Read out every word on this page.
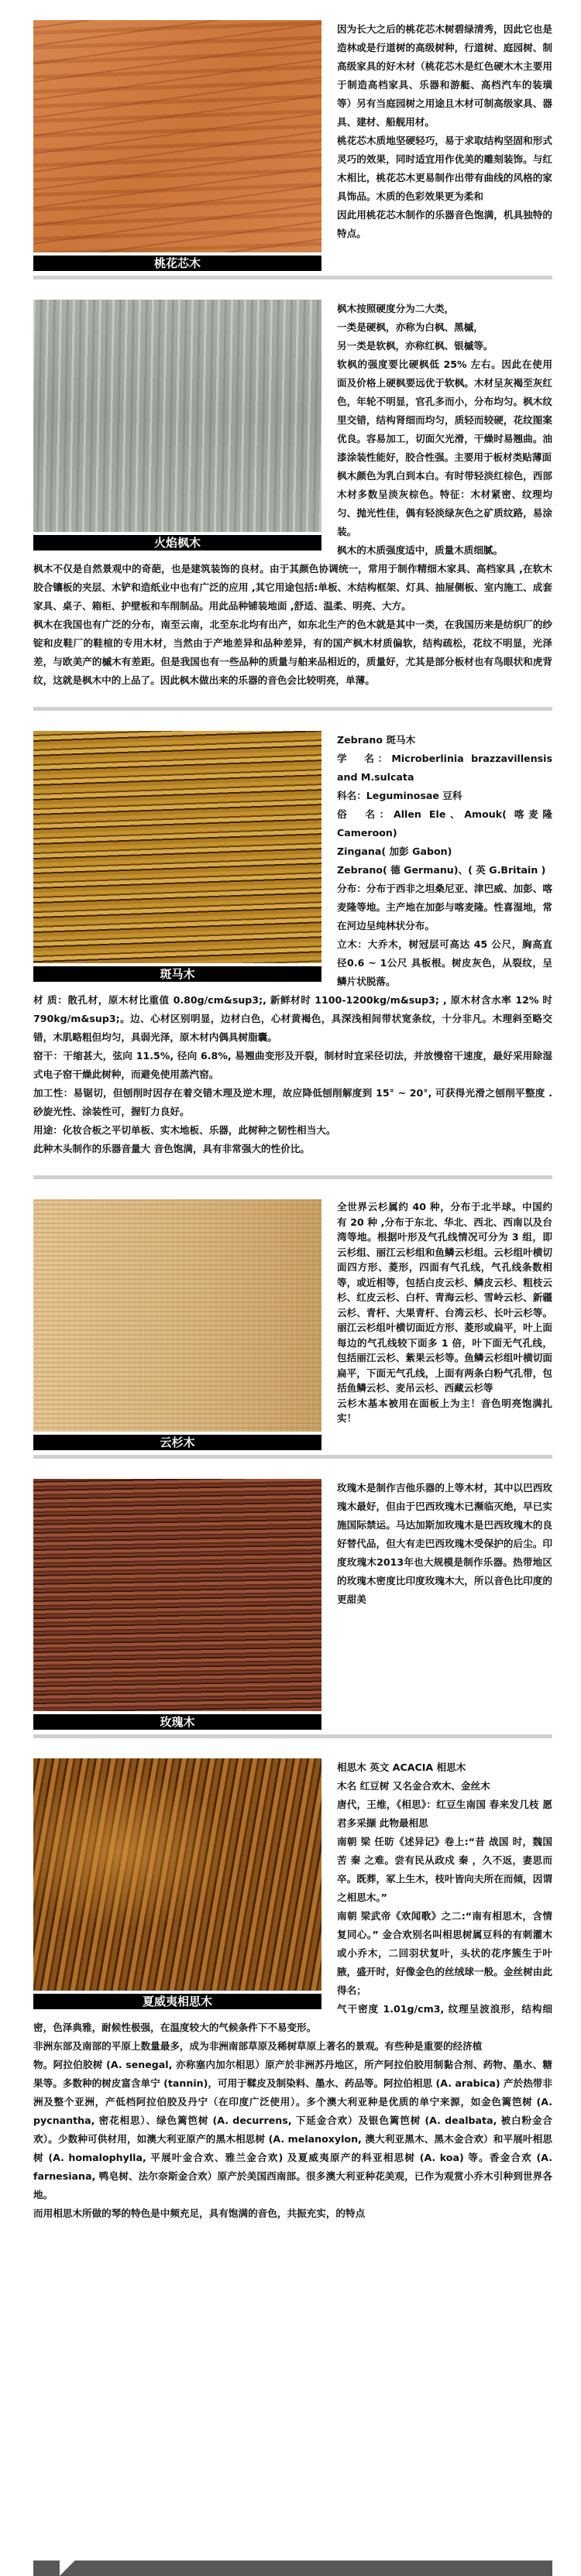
桃花芯木

因为长大之后的桃花芯木树碧绿清秀，因此它也是造林或是行道树的高级树种，行道树、庭园树、制高级家具的好木材（桃花芯木是红色硬木木主要用于制造高档家具、乐器和游艇、高档汽车的装璜等）另有当庭园树之用途且木材可制高级家具、器具、建材、船舰用材。

桃花芯木质地坚硬轻巧，易于求取结构坚固和形式灵巧的效果，同时适宜用作优美的雕刻装饰。与红木相比，桃花芯木更易制作出带有曲线的风格的家具饰品。木质的色彩效果更为柔和

因此用桃花芯木制作的乐器音色饱满，机具独特的特点。

火焰枫木

枫木按照硬度分为二大类，

一类是硬枫，亦称为白枫、黑槭，

另一类是软枫，亦称红枫、银槭等。

软枫的强度要比硬枫低 25% 左右。因此在使用面及价格上硬枫要远优于软枫。木材呈灰褐至灰红色，年轮不明显，官孔多而小，分布均匀。枫木纹里交错，结构肾细而均匀，质轻而较硬，花纹图案优良。容易加工，切面欠光滑，干燥时易翘曲。油漆涂装性能好，胶合性强。主要用于板材类贴薄面

枫木颜色为乳白到本白。有时带轻淡红棕色，西部木材多数呈淡灰棕色。特征：木材紧密、纹理均匀、抛光性佳，偶有轻淡绿灰色之矿质纹路，易涂装。

枫木的木质强度适中，质量木质细腻。

枫木不仅是自然景观中的奇葩，也是建筑装饰的良材。由于其颜色协调统一，常用于制作精细木家具、高档家具 ,在软木胶合镶板的夹层、木铲和造纸业中也有广泛的应用 ,其它用途包括:单板、木结构框架、灯具、抽屉侧板、室内施工、成套家具、桌子、箱柜、护壁板和车削制品。用此品种铺装地面 ,舒适、温柔、明亮、大方。

枫木在我国也有广泛的分布，南至云南，北至东北均有出产，如东北生产的色木就是其中一类，在我国历来是纺织厂的纱锭和皮鞋厂的鞋楦的专用木材，当然由于产地差异和品种差异，有的国产枫木材质偏软，结构疏松，花纹不明显，光泽差，与欧美产的槭木有差距。但是我国也有一些品种的质量与舶来品相近的，质量好，尤其是部分板材也有鸟眼状和虎背纹，这就是枫木中的上品了。因此枫木做出来的乐器的音色会比较明亮，单薄。

斑马木

Zebrano 斑马木

学　名：Microberlinia brazzavillensis and M.sulcata

科名：Leguminosae 豆科

俗　名：Allen Ele、Amouk( 喀麦隆 Cameroon)

Zingana( 加彭 Gabon)

Zebrano( 德 Germanu)、( 英 G.Britain )

分布：分布于西非之坦桑尼亚、津巴威、加彭、喀麦隆等地。主产地在加彭与喀麦隆。性喜湿地，常在河边呈纯林状分布。

立木：大乔木，树冠层可高达 45 公尺，胸高直径0.6 ~ 1公尺 具板根。树皮灰色，从裂纹，呈鳞片状脱落。

材 质：散孔材，原木材比重值 0.80g/cm&sup3;, 新鲜材时 1100-1200kg/m&sup3; , 原木材含水率 12% 时 790kg/m&sup3;。边、心材区别明显，边材白色，心材黄褐色，具深浅相间带状宽条纹，十分非凡。木理斜至略交错，木肌略粗但均匀，具弱光泽，原木材内偶具树脂囊。

窑干：干缩甚大，弦向 11.5%, 径向 6.8%, 易翘曲变形及开裂，制材时宜采径切法，并放慢窑干速度，最好采用除湿式电子窑干燥此树种，而避免使用蒸汽窑。

加工性：易锯切，但刨削时因存在着交错木理及逆木理，故应降低刨削解度到 15° ~ 20°, 可获得光滑之刨削平整度 . 砂旋光性、涂装性可，握钉力良好。

用途：化妆合板之平切单板、实木地板、乐器，此树种之韧性相当大。

此种木头制作的乐器音量大 音色饱满，具有非常强大的性价比。

云杉木

全世界云杉属约 40 种，分布于北半球。中国约有 20 种 ,分布于东北、华北、西北、西南以及台湾等地。根据叶形及气孔线情况可分为 3 组，即云杉组、丽江云杉组和鱼鳞云杉组。云杉组叶横切面四方形、菱形，四面有气孔线，气孔线条数相等，或近相等，包括白皮云杉、鳞皮云杉、粗枝云杉、红皮云杉、白杆、青海云杉、雪岭云杉、新疆云杉、青杆、大果青杆、台湾云杉、长叶云杉等。丽江云杉组叶横切面近方形、菱形或扁平，叶上面每边的气孔线较下面多 1 倍，叶下面无气孔线，包括丽江云杉、紫果云杉等。鱼鳞云杉组叶横切面扁平，下面无气孔线，上面有两条白粉气孔带，包括鱼鳞云杉、麦吊云杉、西藏云杉等

云杉木基本被用在面板上为主！音色明亮饱满扎实！

玫瑰木

玫瑰木是制作吉他乐器的上等木材，其中以巴西玫瑰木最好，但由于巴西玫瑰木已濒临灭绝，早已实施国际禁运。马达加斯加玫瑰木是巴西玫瑰木的良好替代品，但大有走巴西玫瑰木受保护的后尘。印度玫瑰木2013年也大规模是制作乐器。热带地区的玫瑰木密度比印度玫瑰木大，所以音色比印度的更甜美

夏威夷相思木

相思木 英文 ACACIA 相思木

木名 红豆树 又名金合欢木、金丝木

唐代，王维，《相思》：红豆生南国 春来发几枝 愿君多采撷 此物最相思

南朝 梁 任昉《述异记》卷上:“昔 战国 时，魏国 苦 秦 之难。尝有民从政戍 秦 ，久不返，妻思而卒。既葬，冢上生木，枝叶皆向夫所在而倾，因谓之相思木。”

南朝 梁武帝《欢闻歌》之二:“南有相思木，含情复同心。” 金合欢别名叫相思树属豆科的有刺灌木或小乔木，二回羽状复叶，头状的花序簇生于叶腋，盛开时，好像金色的丝绒球一般。金丝树由此得名；

气干密度 1.01g/cm3, 纹理呈波浪形，结构细密，色泽典雅，耐候性极强，在温度较大的气候条件下不易变形。

非洲东部及南部的平原上数量最多，成为非洲南部草原及稀树草原上著名的景观。有些种是重要的经济植

物。阿拉伯胶树 (A. senegal, 亦称塞内加尔相思）原产於非洲苏丹地区，所产阿拉伯胶用制黏合剂、药物、墨水、糖果等。多数种的树皮富含单宁 (tannin)，可用于鞣皮及制染料、墨水、药品等。阿拉伯相思 (A. arabica) 产於热带非洲及整个亚洲，产低档阿拉伯胶及丹宁（在印度广泛使用）。多个澳大利亚种是优质的单宁来源，如金色篱笆树 (A. pycnantha, 密花相思）、绿色篱笆树 (A. decurrens, 下延金合欢）及银色篱笆树 (A. dealbata, 被白粉金合欢）。少数种可供材用，如澳大利亚原产的黑木相思树 (A. melanoxylon, 澳大利亚黑木、黑木金合欢）和平展叶相思树 (A. homalophylla, 平展叶金合欢、雅兰金合欢) 及夏威夷原产的科亚相思树 (A. koa) 等。香金合欢 (A. farnesiana, 鸭皂树、法尔奈斯金合欢）原产於美国西南部。很多澳大利亚种花美观，已作为观赏小乔木引种到世界各地。

而用相思木所做的琴的特色是中频充足，具有饱满的音色，共振充实，的特点
